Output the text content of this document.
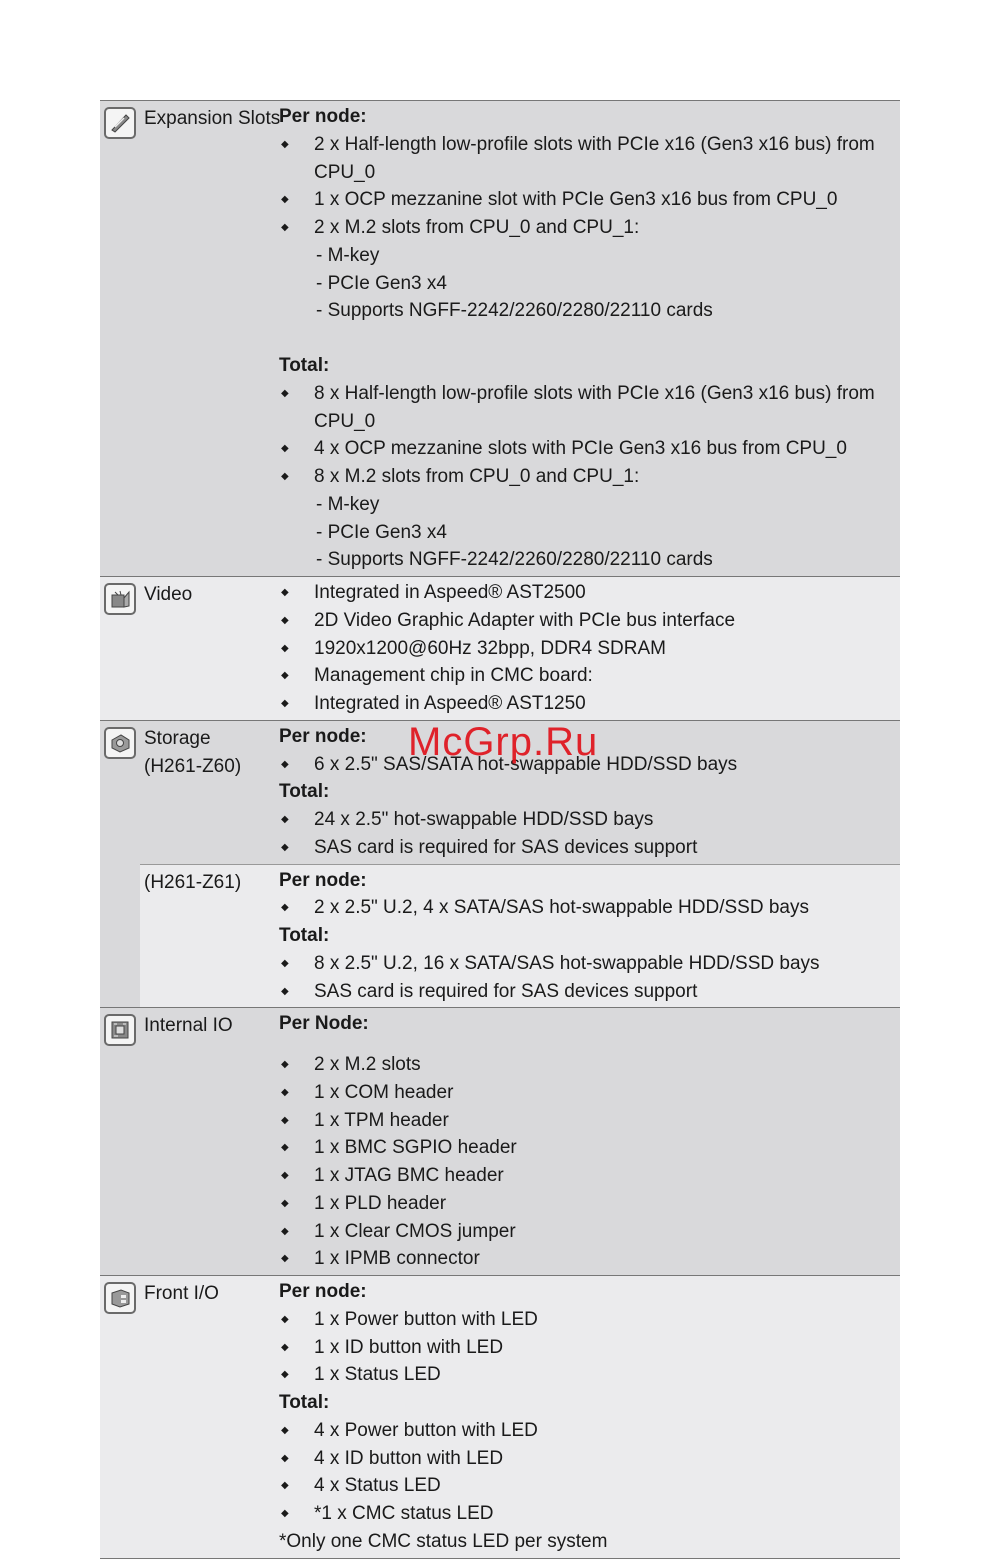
Expansion Slots
Per node:
◆ 2 x Half-length low-profile slots with PCIe x16 (Gen3 x16 bus) from CPU_0
◆ 1 x OCP mezzanine slot with PCIe Gen3 x16 bus from CPU_0
◆ 2 x M.2 slots from CPU_0 and CPU_1:
- M-key
- PCIe Gen3 x4
- Supports NGFF-2242/2260/2280/22110 cards
Total:
◆ 8 x Half-length low-profile slots with PCIe x16 (Gen3 x16 bus) from CPU_0
◆ 4 x OCP mezzanine slots with PCIe Gen3 x16 bus from CPU_0
◆ 8 x M.2 slots from CPU_0 and CPU_1:
- M-key
- PCIe Gen3 x4
- Supports NGFF-2242/2260/2280/22110 cards
Video
◆	Integrated in Aspeed® AST2500
◆ 2D Video Graphic Adapter with PCIe bus interface
◆ 1920x1200@60Hz 32bpp, DDR4 SDRAM
◆ Management chip in CMC board:
◆ Integrated in Aspeed® AST1250
Storage
(H261-Z60)
Per node:
◆ 6 x 2.5" SAS/SATA hot-swappable HDD/SSD bays
Total:
◆ 24 x 2.5" hot-swappable HDD/SSD bays
◆ SAS card is required for SAS devices support
(H261-Z61) Per node:
◆ 2 x 2.5" U.2, 4 x SATA/SAS hot-swappable HDD/SSD bays
Total:
◆ 8 x 2.5" U.2, 16 x SATA/SAS hot-swappable HDD/SSD bays
◆ SAS card is required for SAS devices support
Internal IO Per Node:
◆ 2 x M.2 slots
◆ 1 x COM header
◆ 1 x TPM header
◆ 1 x BMC SGPIO header
◆ 1 x JTAG BMC header
◆ 1 x PLD header
◆ 1 x Clear CMOS jumper
◆ 1 x IPMB connector
Front I/O	Per node:
◆ 1 x Power button with LED
◆ 1 x ID button with LED
◆ 1 x Status LED
Total:
◆ 4 x Power button with LED
◆ 4 x ID button with LED
◆ 4 x Status LED
◆ *1 x CMC status LED
*Only one CMC status LED per system
McGrp.Ru
